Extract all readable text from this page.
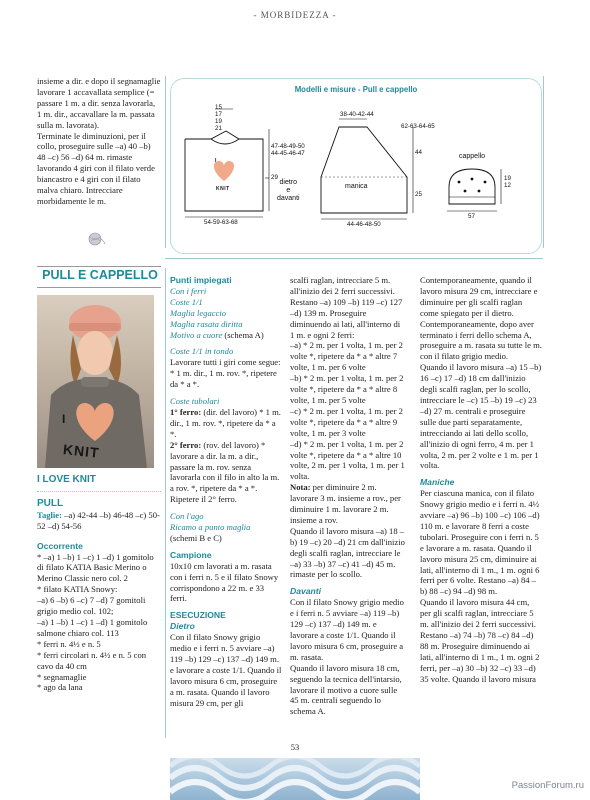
- MORBIDEZZA -

insieme a dir. e dopo il segnamaglie lavorare 1 accavallata semplice (= passare 1 m. a dir. senza lavorarla, 1 m. dir., accavallare la m. passata sulla m. lavorata).
Terminate le diminuzioni, per il collo, proseguire sulle –a) 40 –b) 48 –c) 56 –d) 64 m. rimaste lavorando 4 giri con il filato verde biancastro e 4 giri con il filato malva chiaro. Intrecciare morbidamente le m.

Modelli e misure - Pull e cappello
15
17
19
21
47-48-49-50
44-45-46-47
29
54-59-63-68
dietro
e
davanti
I
KNIT
38-40-42-44
manica
62-63-64-65
44
25
44-46-48-50
cappello
19
12
57
PULL E CAPPELLO
I
KNIT
I LOVE KNIT
PULL

Taglie: –a) 42-44 –b) 46-48 –c) 50-52 –d) 54-56

Occorrente

* –a) 1 –b) 1 –c) 1 –d) 1 gomitolo di filato KATIA Basic Merino o Merino Classic nero col. 2
* filato KATIA Snowy:
–a) 6 –b) 6 –c) 7 –d) 7 gomitoli grigio medio col. 102;
–a) 1 –b) 1 –c) 1 –d) 1 gomitolo salmone chiaro col. 113
* ferri n. 4½ e n. 5
* ferri circolari n. 4½ e n. 5 con cavo da 40 cm
* segnamaglie
* ago da lana

Punti impiegati

Con i ferri
Coste 1/1
Maglia legaccio
Maglia rasata diritta
Motivo a cuore (schema A)

Coste 1/1 in tondo

Lavorare tutti i giri come segue: * 1 m. dir., 1 m. rov. *, ripetere da * a *.

Coste tubolari

1° ferro: (dir. del lavoro) * 1 m. dir., 1 m. rov. *, ripetere da * a *.

2° ferro: (rov. del lavoro) * lavorare a dir. la m. a dir., passare la m. rov. senza lavorarla con il filo in alto la m. a rov. *, ripetere da * a *.
Ripetere il 2° ferro.

Con l'ago

Ricamo a punto maglia

(schemi B e C)

Campione

10x10 cm lavorati a m. rasata con i ferri n. 5 e il filato Snowy corrispondono a 22 m. e 33 ferri.

ESECUZIONE
Dietro

Con il filato Snowy grigio medio e i ferri n. 5 avviare –a) 119 –b) 129 –c) 137 –d) 149 m. e lavorare a coste 1/1. Quando il lavoro misura 6 cm, proseguire a m. rasata. Quando il lavoro misura 29 cm, per gli

scalfi raglan, intrecciare 5 m. all'inizio dei 2 ferri successivi. Restano –a) 109 –b) 119 –c) 127 –d) 139 m. Proseguire diminuendo ai lati, all'interno di 1 m. e ogni 2 ferri:
–a) * 2 m. per 1 volta, 1 m. per 2 volte *, ripetere da * a * altre 7 volte, 1 m. per 6 volte
–b) * 2 m. per 1 volta, 1 m. per 2 volte *, ripetere da * a * altre 8 volte, 1 m. per 5 volte
–c) * 2 m. per 1 volta, 1 m. per 2 volte *, ripetere da * a * altre 9 volte, 1 m. per 3 volte
–d) * 2 m. per 1 volta, 1 m. per 2 volte *, ripetere da * a * altre 10 volte, 2 m. per 1 volta, 1 m. per 1 volta.

Nota: per diminuire 2 m. lavorare 3 m. insieme a rov., per diminuire 1 m. lavorare 2 m. insieme a rov.
Quando il lavoro misura –a) 18 –b) 19 –c) 20 –d) 21 cm dall'inizio degli scalfi raglan, intrecciare le –a) 33 –b) 37 –c) 41 –d) 45 m. rimaste per lo scollo.

Davanti

Con il filato Snowy grigio medio e i ferri n. 5 avviare –a) 119 –b) 129 –c) 137 –d) 149 m. e lavorare a coste 1/1. Quando il lavoro misura 6 cm, proseguire a m. rasata.
Quando il lavoro misura 18 cm, seguendo la tecnica dell'intarsio, lavorare il motivo a cuore sulle 45 m. centrali seguendo lo schema A.

Contemporaneamente, quando il lavoro misura 29 cm, intrecciare e diminuire per gli scalfi raglan come spiegato per il dietro. Contemporaneamente, dopo aver terminato i ferri dello schema A, proseguire a m. rasata su tutte le m. con il filato grigio medio.
Quando il lavoro misura –a) 15 –b) 16 –c) 17 –d) 18 cm dall'inizio degli scalfi raglan, per lo scollo, intrecciare le –c) 15 –b) 19 –c) 23 –d) 27 m. centrali e proseguire sulle due parti separatamente, intrecciando ai lati dello scollo, all'inizio di ogni ferro, 4 m. per 1 volta, 2 m. per 2 volte e 1 m. per 1 volta.

Maniche

Per ciascuna manica, con il filato Snowy grigio medio e i ferri n. 4½ avviare –a) 96 –b) 100 –c) 106 –d) 110 m. e lavorare 8 ferri a coste tubolari. Proseguire con i ferri n. 5 e lavorare a m. rasata. Quando il lavoro misura 25 cm, diminuire ai lati, all'interno di 1 m., 1 m. ogni 6 ferri per 6 volte. Restano –a) 84 –b) 88 –c) 94 –d) 98 m.
Quando il lavoro misura 44 cm, per gli scalfi raglan, intrecciare 5 m. all'inizio dei 2 ferri successivi. Restano –a) 74 –b) 78 –c) 84 –d) 88 m. Proseguire diminuendo ai lati, all'interno di 1 m., 1 m. ogni 2 ferri, per –a) 30 –b) 32 –c) 33 –d) 35 volte. Quando il lavoro misura

53
PassionForum.ru
